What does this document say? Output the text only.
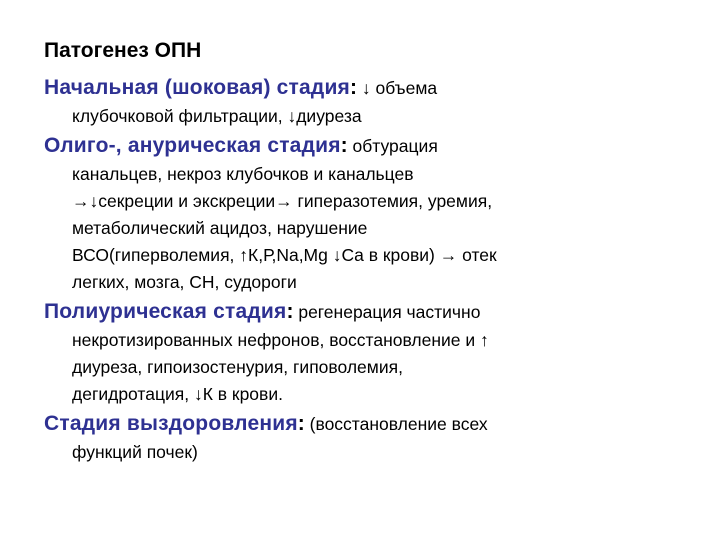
Патогенез ОПН
Начальная (шоковая) стадия: ↓ объема
клубочковой фильтрации, ↓диуреза
Олиго-, анурическая стадия: обтурация
канальцев, некроз клубочков и канальцев
→↓секреции и экскреции→ гиперазотемия, уремия,
метаболический ацидоз, нарушение
ВСО(гиперволемия, ↑К,Р,Na,Mg ↓Ca в крови) → отек
легких, мозга, СН, судороги
Полиурическая стадия: регенерация частично
некротизированных нефронов, восстановление и ↑
диуреза, гипоизостенурия, гиповолемия,
дегидротация, ↓К в крови.
Стадия выздоровления: (восстановление всех
функций почек)
